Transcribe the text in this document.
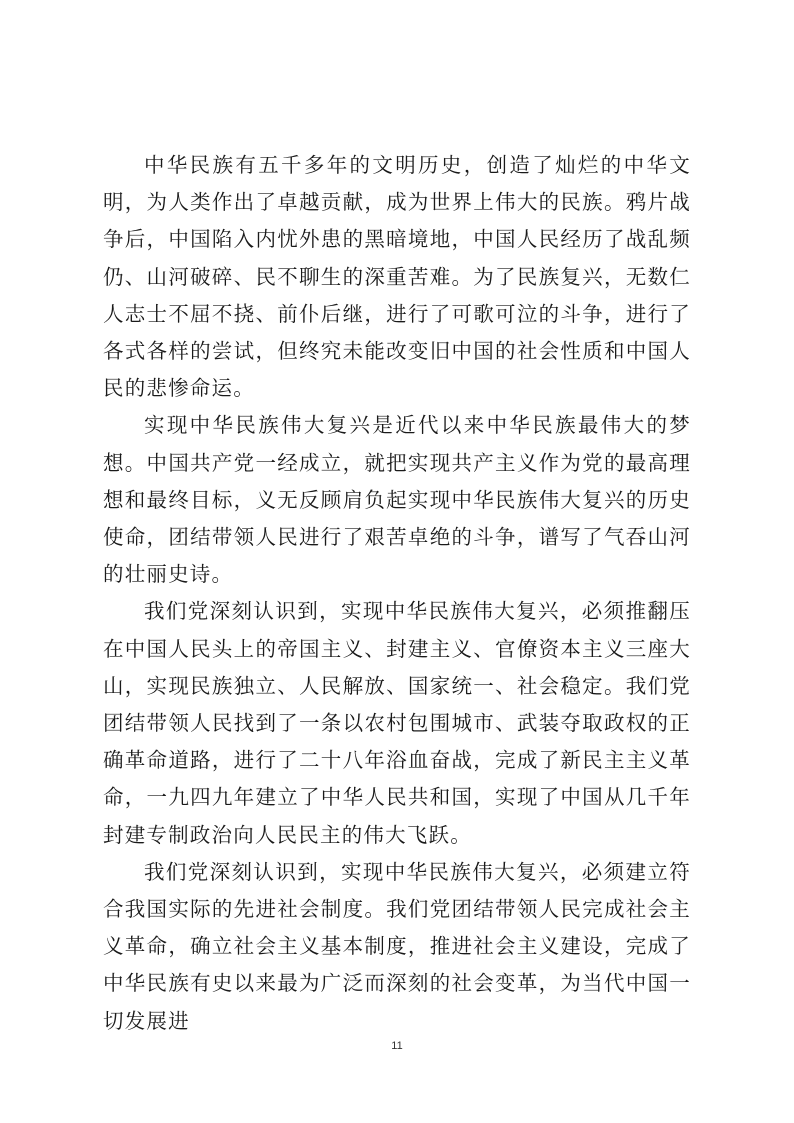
中华民族有五千多年的文明历史，创造了灿烂的中华文明，为人类作出了卓越贡献，成为世界上伟大的民族。鸦片战争后，中国陷入内忧外患的黑暗境地，中国人民经历了战乱频仍、山河破碎、民不聊生的深重苦难。为了民族复兴，无数仁人志士不屈不挠、前仆后继，进行了可歌可泣的斗争，进行了各式各样的尝试，但终究未能改变旧中国的社会性质和中国人民的悲惨命运。

实现中华民族伟大复兴是近代以来中华民族最伟大的梦想。中国共产党一经成立，就把实现共产主义作为党的最高理想和最终目标，义无反顾肩负起实现中华民族伟大复兴的历史使命，团结带领人民进行了艰苦卓绝的斗争，谱写了气吞山河的壮丽史诗。

我们党深刻认识到，实现中华民族伟大复兴，必须推翻压在中国人民头上的帝国主义、封建主义、官僚资本主义三座大山，实现民族独立、人民解放、国家统一、社会稳定。我们党团结带领人民找到了一条以农村包围城市、武装夺取政权的正确革命道路，进行了二十八年浴血奋战，完成了新民主主义革命，一九四九年建立了中华人民共和国，实现了中国从几千年封建专制政治向人民民主的伟大飞跃。

我们党深刻认识到，实现中华民族伟大复兴，必须建立符合我国实际的先进社会制度。我们党团结带领人民完成社会主义革命，确立社会主义基本制度，推进社会主义建设，完成了中华民族有史以来最为广泛而深刻的社会变革，为当代中国一切发展进

11
